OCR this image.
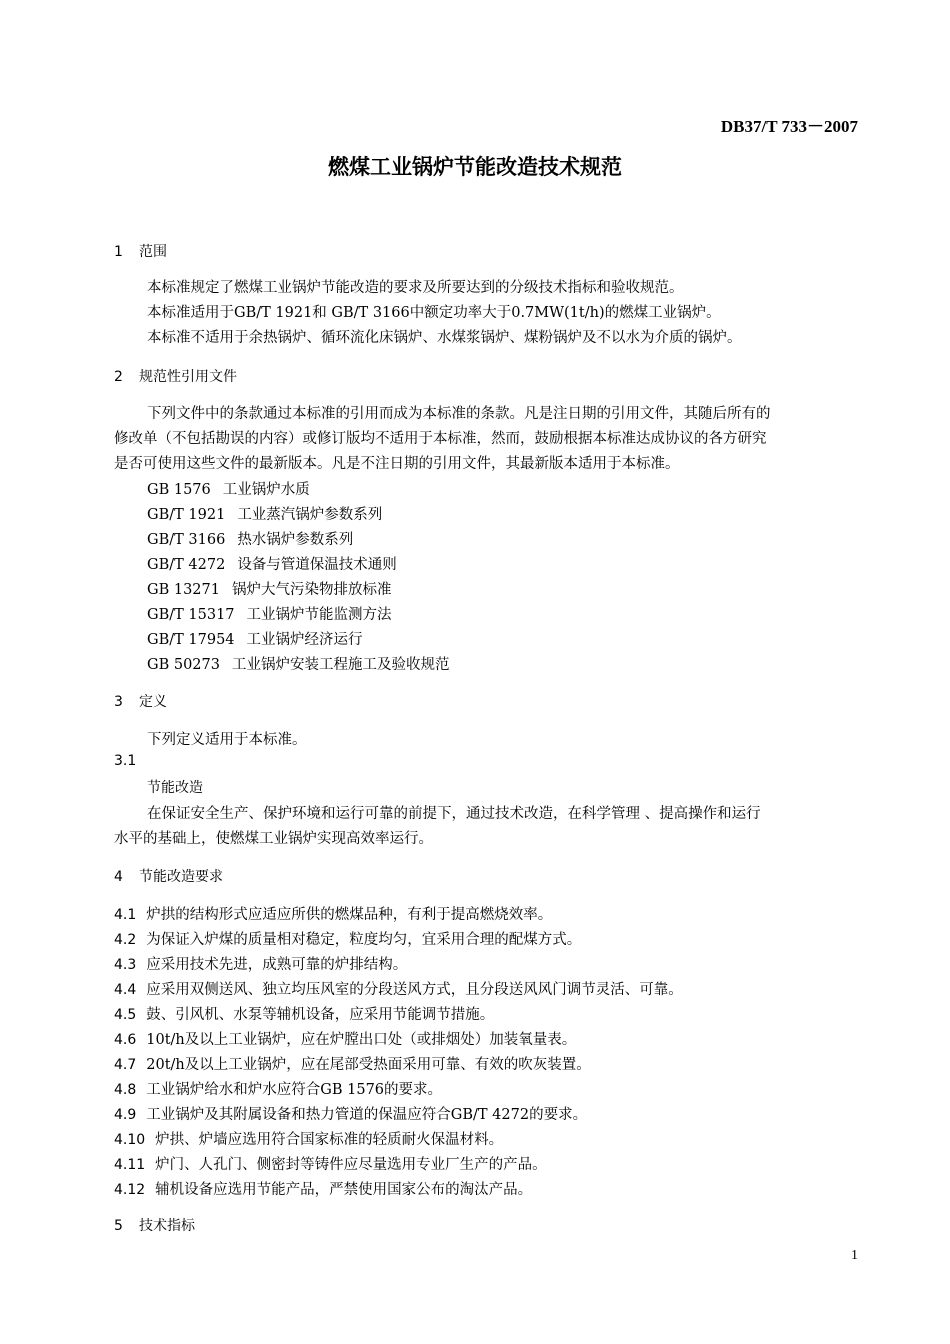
DB37/T 733－2007
燃煤工业锅炉节能改造技术规范
1 范围
本标准规定了燃煤工业锅炉节能改造的要求及所要达到的分级技术指标和验收规范。
本标准适用于GB/T 1921和 GB/T 3166中额定功率大于0.7MW(1t/h)的燃煤工业锅炉。
本标准不适用于余热锅炉、循环流化床锅炉、水煤浆锅炉、煤粉锅炉及不以水为介质的锅炉。
2 规范性引用文件
下列文件中的条款通过本标准的引用而成为本标准的条款。凡是注日期的引用文件，其随后所有的
修改单（不包括勘误的内容）或修订版均不适用于本标准，然而，鼓励根据本标准达成协议的各方研究
是否可使用这些文件的最新版本。凡是不注日期的引用文件，其最新版本适用于本标准。
GB 1576 工业锅炉水质
GB/T 1921 工业蒸汽锅炉参数系列
GB/T 3166 热水锅炉参数系列
GB/T 4272 设备与管道保温技术通则
GB 13271 锅炉大气污染物排放标准
GB/T 15317 工业锅炉节能监测方法
GB/T 17954 工业锅炉经济运行
GB 50273 工业锅炉安装工程施工及验收规范
3 定义
下列定义适用于本标准。
3.1
节能改造
在保证安全生产、保护环境和运行可靠的前提下，通过技术改造，在科学管理 、提高操作和运行
水平的基础上，使燃煤工业锅炉实现高效率运行。
4 节能改造要求
4.1 炉拱的结构形式应适应所供的燃煤品种，有利于提高燃烧效率。
4.2 为保证入炉煤的质量相对稳定，粒度均匀，宜采用合理的配煤方式。
4.3 应采用技术先进，成熟可靠的炉排结构。
4.4 应采用双侧送风、独立均压风室的分段送风方式，且分段送风风门调节灵活、可靠。
4.5 鼓、引风机、水泵等辅机设备，应采用节能调节措施。
4.6 10t/h及以上工业锅炉，应在炉膛出口处（或排烟处）加装氧量表。
4.7 20t/h及以上工业锅炉，应在尾部受热面采用可靠、有效的吹灰装置。
4.8 工业锅炉给水和炉水应符合GB 1576的要求。
4.9 工业锅炉及其附属设备和热力管道的保温应符合GB/T 4272的要求。
4.10 炉拱、炉墙应选用符合国家标准的轻质耐火保温材料。
4.11 炉门、人孔门、侧密封等铸件应尽量选用专业厂生产的产品。
4.12 辅机设备应选用节能产品，严禁使用国家公布的淘汰产品。
5 技术指标
1
